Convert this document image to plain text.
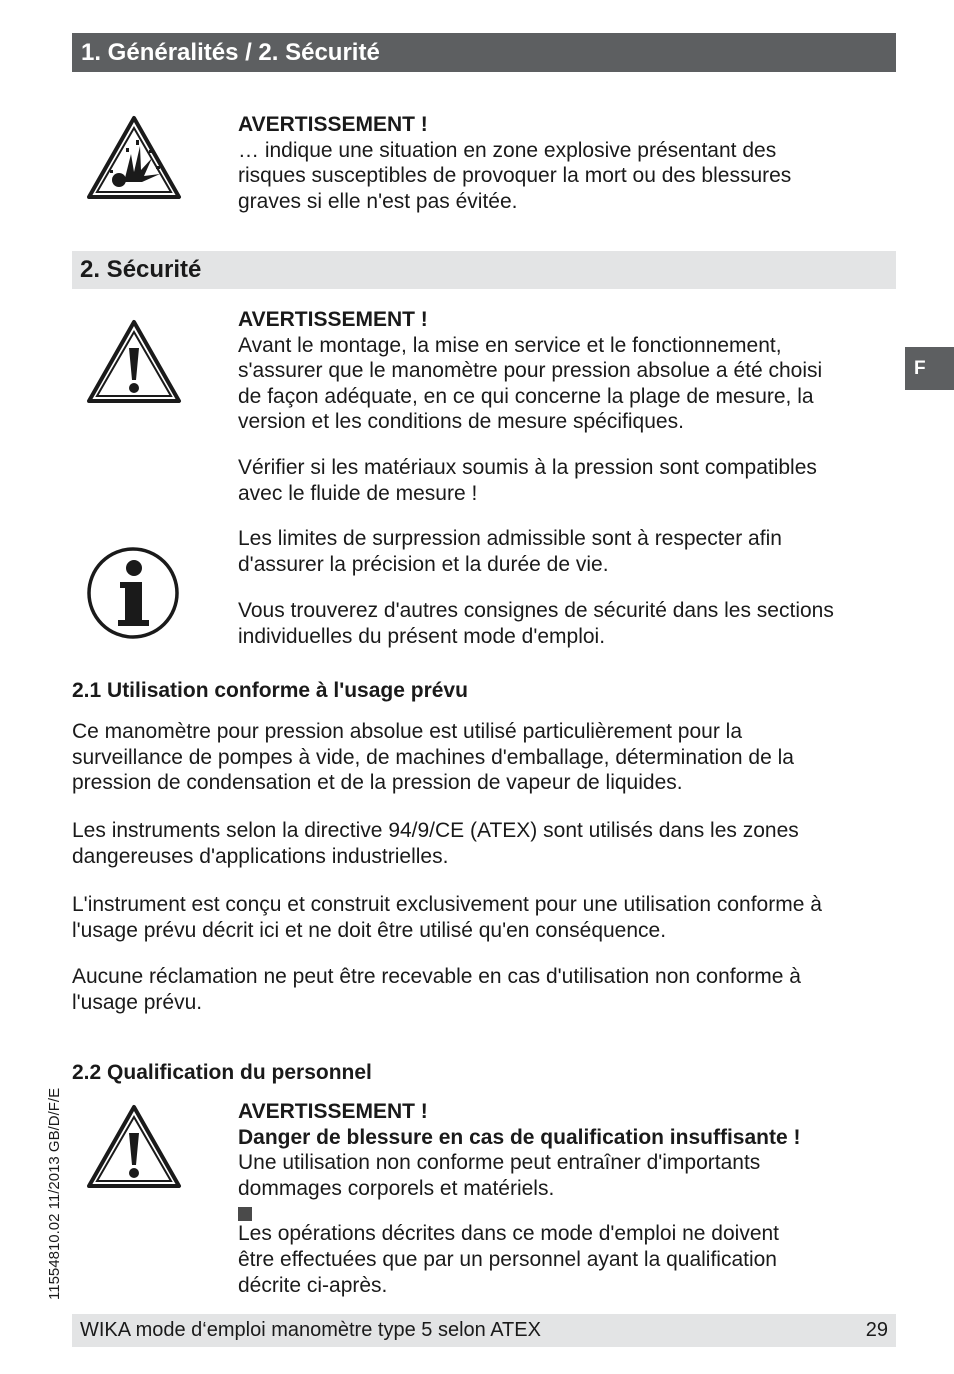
1. Généralités / 2. Sécurité
AVERTISSEMENT !
… indique une situation en zone explosive présentant des
risques susceptibles de provoquer la mort ou des blessures
graves si elle n'est pas évitée.
2. Sécurité
AVERTISSEMENT !
Avant le montage, la mise en service et le fonctionnement,
s'assurer que le manomètre pour pression absolue a été choisi
de façon adéquate, en ce qui concerne la plage de mesure, la
version et les conditions de mesure spécifiques.
Vérifier si les matériaux soumis à la pression sont compatibles
avec le fluide de mesure !
Les limites de surpression admissible sont à respecter afin
d'assurer la précision et la durée de vie.
Vous trouverez d'autres consignes de sécurité dans les sections
individuelles du présent mode d'emploi.
2.1 Utilisation conforme à l'usage prévu
Ce manomètre pour pression absolue est utilisé particulièrement pour la
surveillance de pompes à vide, de machines d'emballage, détermination de la
pression de condensation et de la pression de vapeur de liquides.
Les instruments selon la directive 94/9/CE (ATEX) sont utilisés dans les zones
dangereuses d'applications industrielles.
L'instrument est conçu et construit exclusivement pour une utilisation conforme à
l'usage prévu décrit ici et ne doit être utilisé qu'en conséquence.
Aucune réclamation ne peut être recevable en cas d'utilisation non conforme à
l'usage prévu.
2.2 Qualification du personnel
AVERTISSEMENT !
Danger de blessure en cas de qualification insuffisante !
Une utilisation non conforme peut entraîner d'importants
dommages corporels et matériels.
Les opérations décrites dans ce mode d'emploi ne doivent
être effectuées que par un personnel ayant la qualification
décrite ci-après.
F
11554810.02 11/2013 GB/D/F/E
WIKA mode d‘emploi manomètre type 5 selon ATEX	29
